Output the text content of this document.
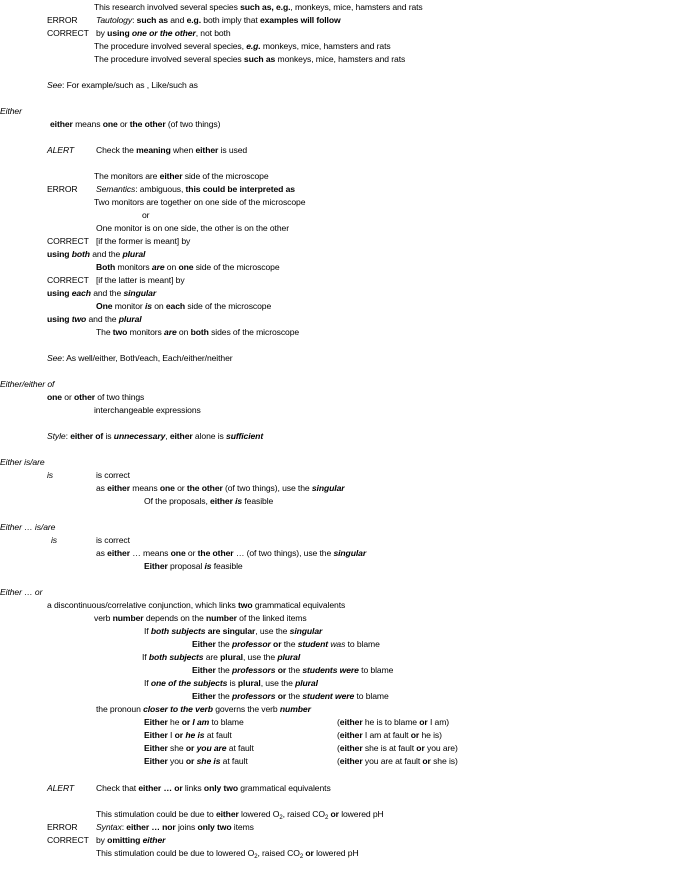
This research involved several species such as, e.g., monkeys, mice, hamsters and rats
ERROR Tautology: such as and e.g. both imply that examples will follow
CORRECT by using one or the other, not both
The procedure involved several species, e.g. monkeys, mice, hamsters and rats
The procedure involved several species such as monkeys, mice, hamsters and rats
See: For example/such as , Like/such as
Either
either means one or the other (of two things)
ALERT	Check the meaning when either is used
The monitors are either side of the microscope
ERROR Semantics: ambiguous, this could be interpreted as
Two monitors are together on one side of the microscope
or
One monitor is on one side, the other is on the other
CORRECT [if the former is meant] by
using both and the plural
Both monitors are on one side of the microscope
CORRECT [if the latter is meant] by
using each and the singular
One monitor is on each side of the microscope
using two and the plural
The two monitors are on both sides of the microscope
See: As well/either, Both/each, Each/either/neither
Either/either of
one or other of two things
interchangeable expressions
Style: either of is unnecessary, either alone is sufficient
Either is/are
is	is correct
as either means one or the other (of two things), use the singular
Of the proposals, either is feasible
Either … is/are
is	is correct
as either … means one or the other … (of two things), use the singular
Either proposal is feasible
Either … or
a discontinuous/correlative conjunction, which links two grammatical equivalents
verb number depends on the number of the linked items
If both subjects are singular, use the singular
Either the professor or the student was to blame
If both subjects are plural, use the plural
Either the professors or the students were to blame
If one of the subjects is plural, use the plural
Either the professors or the student were to blame
the pronoun closer to the verb governs the verb number
Either he or I am to blame	(either he is to blame or I am)
Either I or he is at fault	(either I am at fault or he is)
Either she or you are at fault	(either she is at fault or you are)
Either you or she is at fault	(either you are at fault or she is)
ALERT	Check that either … or links only two grammatical equivalents
This stimulation could be due to either lowered $O_2$, raised $CO_2$ or lowered pH
ERROR Syntax: either … nor joins only two items
CORRECT by omitting either
This stimulation could be due to lowered $O_2$, raised $CO_2$ or lowered pH
